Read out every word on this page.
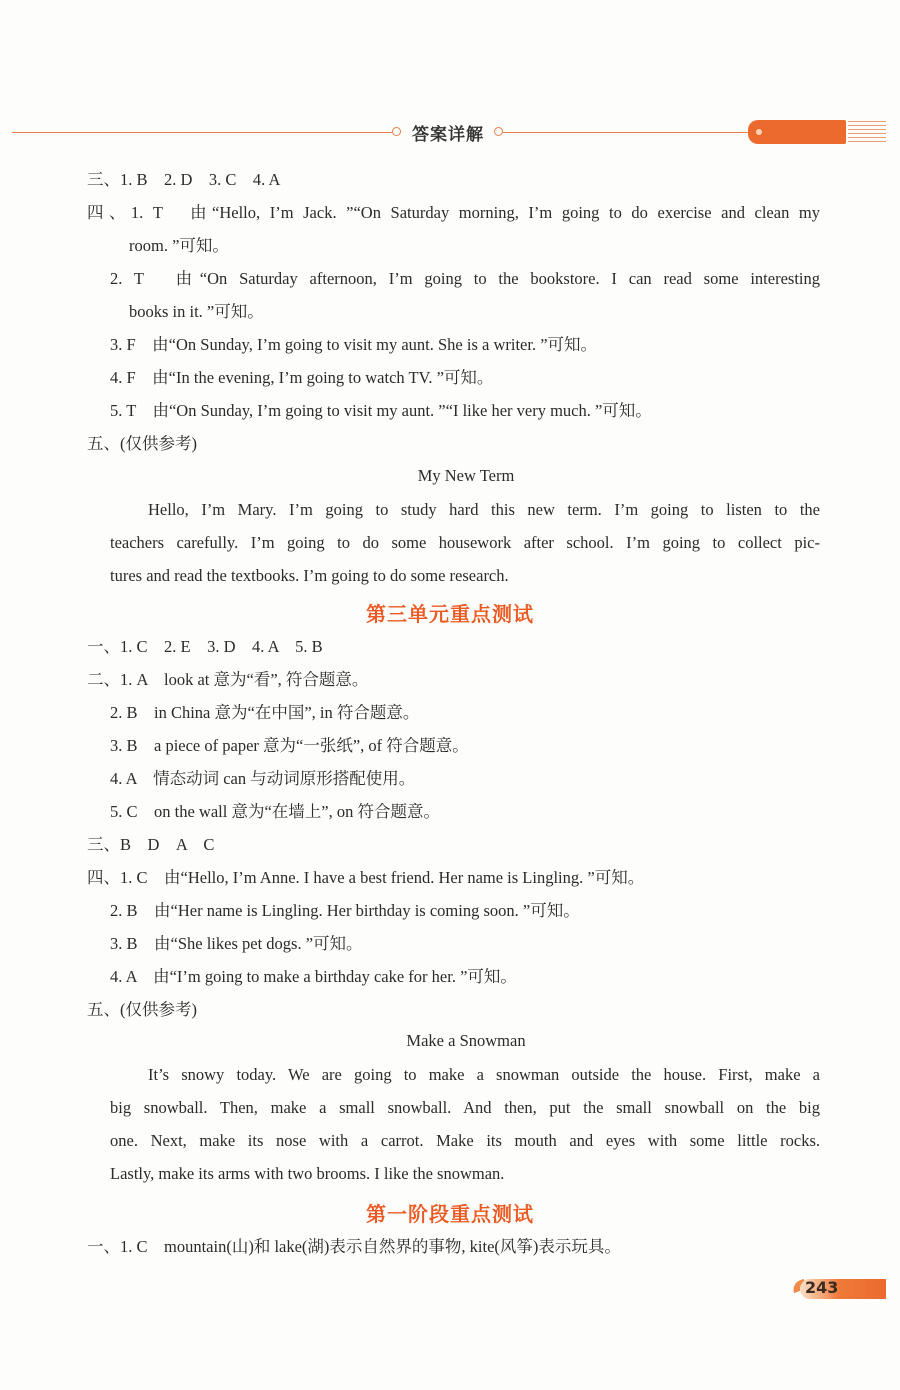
答案详解
三、1. B　2. D　3. C　4. A
四、1. T　由“Hello, I’m Jack. ”“On Saturday morning, I’m going to do exercise and clean my
room. ”可知。
2. T　由“On Saturday afternoon, I’m going to the bookstore. I can read some interesting
books in it. ”可知。
3. F　由“On Sunday, I’m going to visit my aunt. She is a writer. ”可知。
4. F　由“In the evening, I’m going to watch TV. ”可知。
5. T　由“On Sunday, I’m going to visit my aunt. ”“I like her very much. ”可知。
五、(仅供参考)
Hello, I’m Mary. I’m going to study hard this new term. I’m going to listen to the
teachers carefully. I’m going to do some housework after school. I’m going to collect pic-
tures and read the textbooks. I’m going to do some research.
一、1. C　2. E　3. D　4. A　5. B
二、1. A　look at 意为“看”, 符合题意。
2. B　in China 意为“在中国”, in 符合题意。
3. B　a piece of paper 意为“一张纸”, of 符合题意。
4. A　情态动词 can 与动词原形搭配使用。
5. C　on the wall 意为“在墙上”, on 符合题意。
三、B　D　A　C
四、1. C　由“Hello, I’m Anne. I have a best friend. Her name is Lingling. ”可知。
2. B　由“Her name is Lingling. Her birthday is coming soon. ”可知。
3. B　由“She likes pet dogs. ”可知。
4. A　由“I’m going to make a birthday cake for her. ”可知。
五、(仅供参考)
It’s snowy today. We are going to make a snowman outside the house. First, make a
big snowball. Then, make a small snowball. And then, put the small snowball on the big
one. Next, make its nose with a carrot. Make its mouth and eyes with some little rocks.
Lastly, make its arms with two brooms. I like the snowman.
一、1. C　mountain(山)和 lake(湖)表示自然界的事物, kite(风筝)表示玩具。
My New Term
Make a Snowman
第三单元重点测试
第一阶段重点测试
243
